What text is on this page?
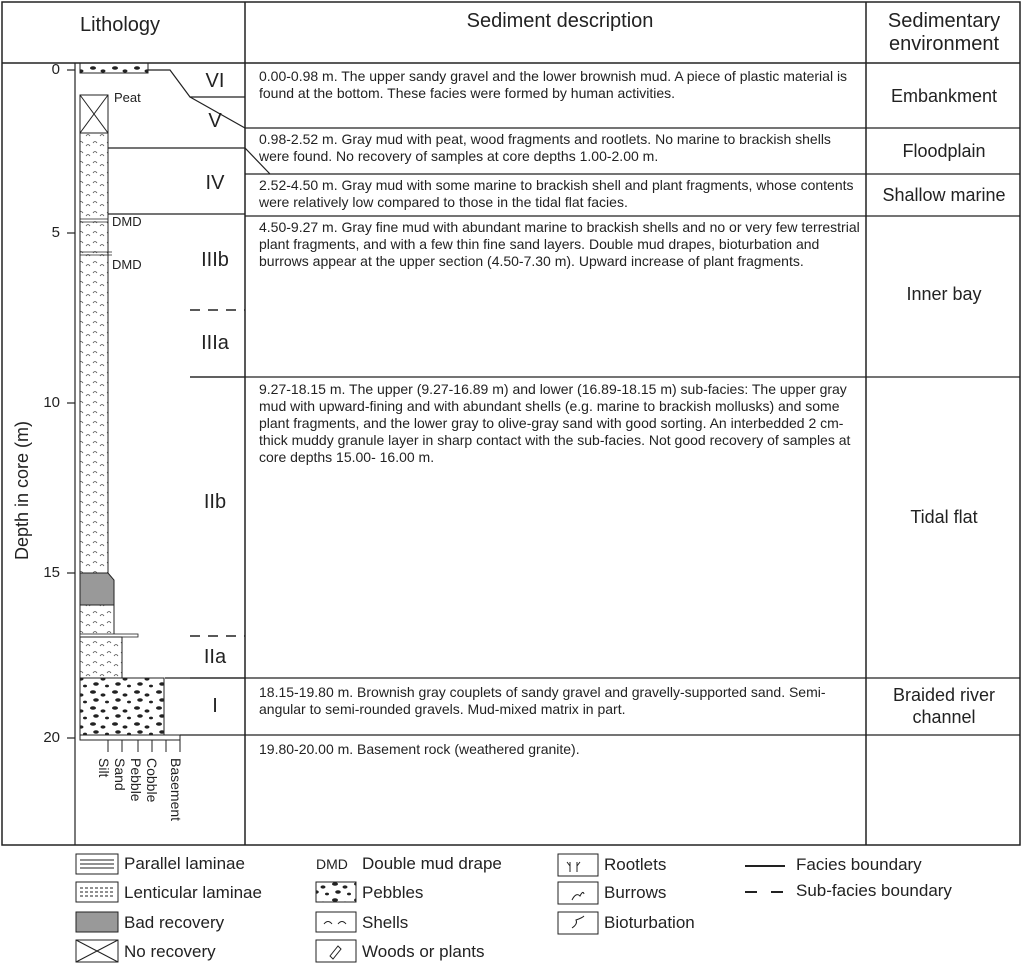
Lithology	Sediment description	Sedimentary
environment
Depth in core (m)
0
5
10
15
20
Peat
DMD
DMD
Silt Sand Pebble Cobble Basement
VI
V
IV
IIIb
IIIa
IIb
IIa
I
0.00-0.98 m. The upper sandy gravel and the lower brownish mud. A piece of plastic material is found at the bottom. These facies were formed by human activities.
0.98-2.52 m. Gray mud with peat, wood fragments and rootlets. No marine to brackish shells were found. No recovery of samples at core depths 1.00-2.00 m.
2.52-4.50 m. Gray mud with some marine to brackish shell and plant fragments, whose contents were relatively low compared to those in the tidal flat facies.
4.50-9.27 m. Gray fine mud with abundant marine to brackish shells and no or very few terrestrial plant fragments, and with a few thin fine sand layers. Double mud drapes, bioturbation and burrows appear at the upper section (4.50-7.30 m). Upward increase of plant fragments.
9.27-18.15 m. The upper (9.27-16.89 m) and lower (16.89-18.15 m) sub-facies: The upper gray mud with upward-fining and with abundant shells (e.g. marine to brackish mollusks) and some plant fragments, and the lower gray to olive-gray sand with good sorting. An interbedded 2 cm-thick muddy granule layer in sharp contact with the sub-facies. Not good recovery of samples at core depths 15.00- 16.00 m.
18.15-19.80 m. Brownish gray couplets of sandy gravel and gravelly-supported sand. Semi- angular to semi-rounded gravels. Mud-mixed matrix in part.
19.80-20.00 m. Basement rock (weathered granite).
Embankment
Floodplain
Shallow marine
Inner bay
Tidal flat
Braided river
channel
Parallel laminae
Lenticular laminae
Bad recovery
No recovery
DMD Double mud drape
Pebbles
Shells
Woods or plants
Rootlets
Burrows
Bioturbation
Facies boundary
Sub-facies boundary
